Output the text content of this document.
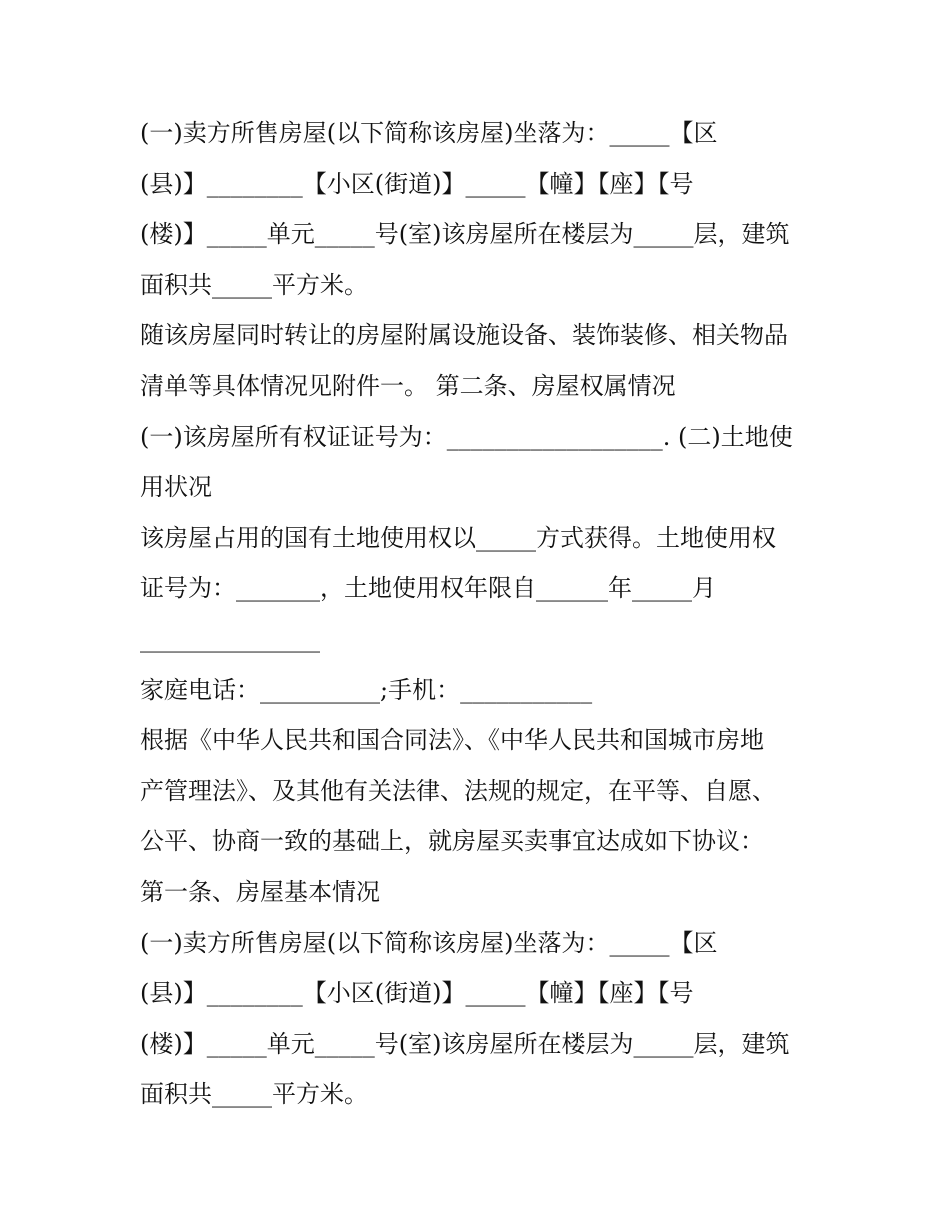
(一)卖方所售房屋(以下简称该房屋)坐落为：_____【区
(县)】________【小区(街道)】_____【幢】【座】【号
(楼)】_____单元_____号(室)该房屋所在楼层为_____层，建筑
面积共_____平方米。
随该房屋同时转让的房屋附属设施设备、装饰装修、相关物品
清单等具体情况见附件一。 第二条、房屋权属情况
(一)该房屋所有权证证号为：__________________. (二)土地使
用状况
该房屋占用的国有土地使用权以_____方式获得。土地使用权
证号为：_______，土地使用权年限自______年_____月
_______________
家庭电话：__________;手机：___________
根据《中华人民共和国合同法》、《中华人民共和国城市房地
产管理法》、及其他有关法律、法规的规定，在平等、自愿、
公平、协商一致的基础上，就房屋买卖事宜达成如下协议：
第一条、房屋基本情况
(一)卖方所售房屋(以下简称该房屋)坐落为：_____【区
(县)】________【小区(街道)】_____【幢】【座】【号
(楼)】_____单元_____号(室)该房屋所在楼层为_____层，建筑
面积共_____平方米。
